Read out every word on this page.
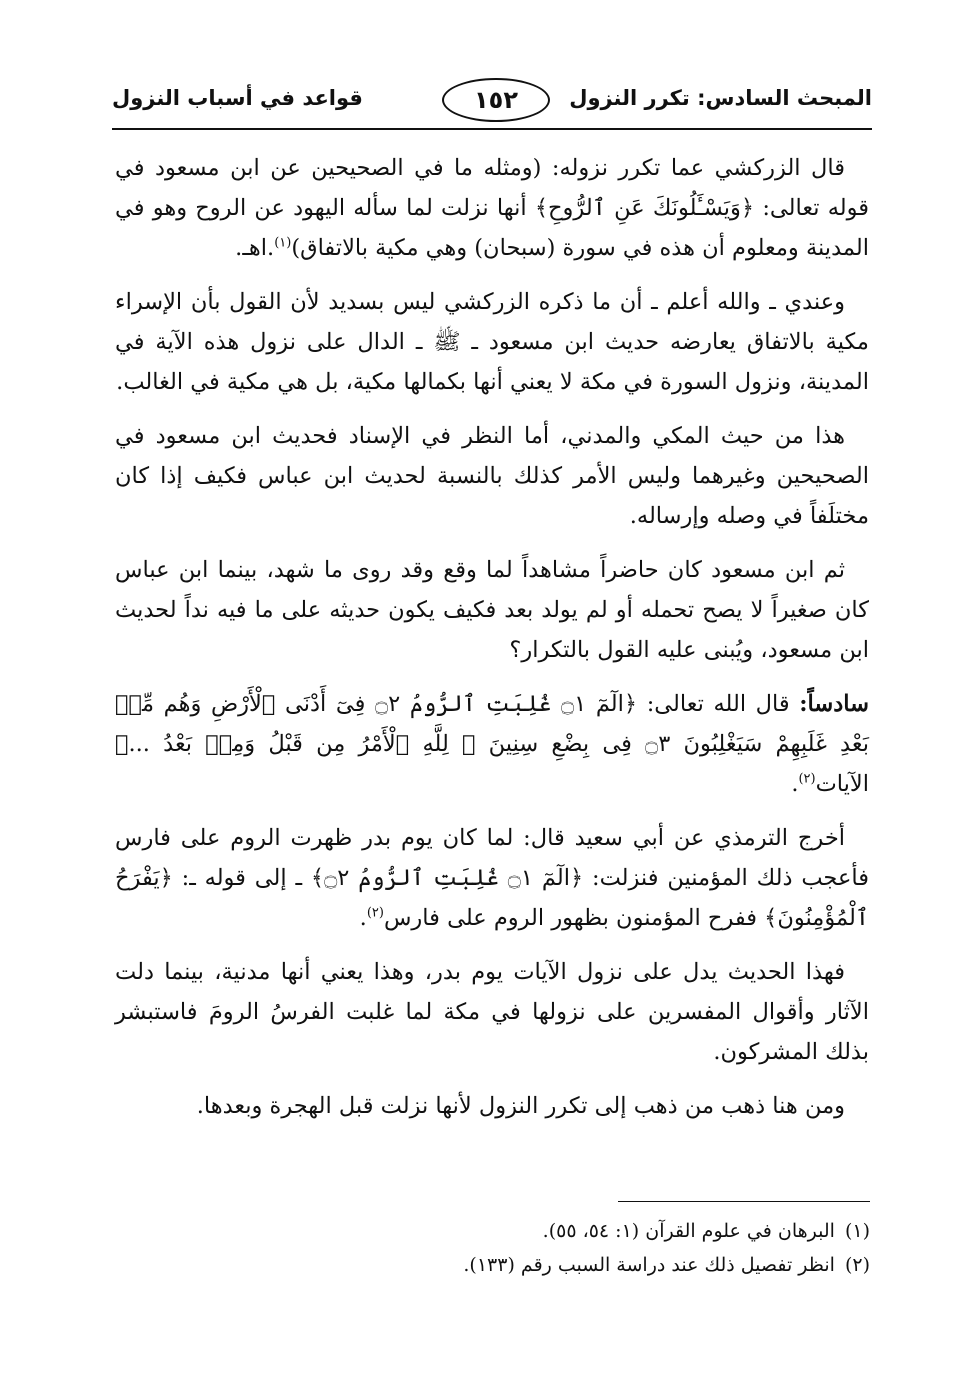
المبحث السادس: تكرر النزول
١٥٢
قواعد في أسباب النزول

قال الزركشي عما تكرر نزوله: (ومثله ما في الصحيحين عن ابن مسعود في قوله تعالى: ﴿وَيَسْـَٔلُونَكَ عَنِ ٱلرُّوحِ﴾ أنها نزلت لما سأله اليهود عن الروح وهو في المدينة ومعلوم أن هذه في سورة (سبحان) وهي مكية بالاتفاق)$^{(١)}$.اهـ.

وعندي ـ والله أعلم ـ أن ما ذكره الزركشي ليس بسديد لأن القول بأن الإسراء مكية بالاتفاق يعارضه حديث ابن مسعود ـ ﷺ ـ الدال على نزول هذه الآية في المدينة، ونزول السورة في مكة لا يعني أنها بكمالها مكية، بل هي مكية في الغالب.

هذا من حيث المكي والمدني، أما النظر في الإسناد فحديث ابن مسعود في الصحيحين وغيرهما وليس الأمر كذلك بالنسبة لحديث ابن عباس فكيف إذا كان مختلَفاً في وصله وإرساله.

ثم ابن مسعود كان حاضراً مشاهداً لما وقع وقد روى ما شهد، بينما ابن عباس كان صغيراً لا يصح تحمله أو لم يولد بعد فكيف يكون حديثه على ما فيه نداً لحديث ابن مسعود، ويُبنى عليه القول بالتكرار؟

سادساً: قال الله تعالى: ﴿الٓمٓ ۝١ غُلِبَتِ ٱلرُّومُ ۝٢ فِىٓ أَدْنَى ٱلْأَرْضِ وَهُم مِّنۢ بَعْدِ غَلَبِهِمْ سَيَغْلِبُونَ ۝٣ فِى بِضْعِ سِنِينَ ۗ لِلَّهِ ٱلْأَمْرُ مِن قَبْلُ وَمِنۢ بَعْدُ ...﴾ الآيات$^{(٢)}$.

أخرج الترمذي عن أبي سعيد قال: لما كان يوم بدر ظهرت الروم على فارس فأعجب ذلك المؤمنين فنزلت: ﴿الٓمٓ ۝١ غُلِبَتِ ٱلرُّومُ ۝٢﴾ ـ إلى قوله ـ: ﴿يَفْرَحُ ٱلْمُؤْمِنُونَ﴾ ففرح المؤمنون بظهور الروم على فارس$^{(٢)}$.

فهذا الحديث يدل على نزول الآيات يوم بدر، وهذا يعني أنها مدنية، بينما دلت الآثار وأقوال المفسرين على نزولها في مكة لما غلبت الفرسُ الرومَ فاستبشر بذلك المشركون.

ومن هنا ذهب من ذهب إلى تكرر النزول لأنها نزلت قبل الهجرة وبعدها.

(١)البرهان في علوم القرآن (١: ٥٤، ٥٥).

(٢)انظر تفصيل ذلك عند دراسة السبب رقم (١٣٣).
